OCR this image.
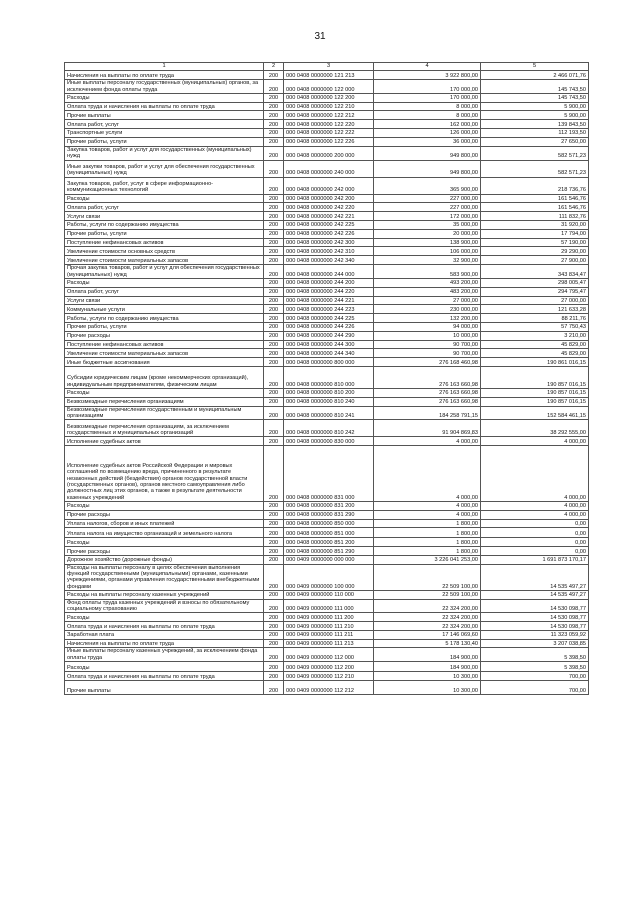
31
1	2	3	4	5
Начисления на выплаты по оплате труда	200	000 0408 0000000 121 213	3 922 800,00	2 466 071,76
Иные выплаты персоналу государственных (муниципальных) органов, за исключением фонда оплаты труда	200	000 0408 0000000 122 000	170 000,00	145 743,50
Расходы	200	000 0408 0000000 122 200	170 000,00	145 743,50
Оплата труда и начисления на выплаты по оплате труда	200	000 0408 0000000 122 210	8 000,00	5 900,00
Прочие выплаты	200	000 0408 0000000 122 212	8 000,00	5 900,00
Оплата работ, услуг	200	000 0408 0000000 122 220	162 000,00	139 843,50
Транспортные услуги	200	000 0408 0000000 122 222	126 000,00	112 193,50
Прочие работы, услуги	200	000 0408 0000000 122 226	36 000,00	27 650,00
Закупка товаров, работ и услуг для государственных (муниципальных) нужд	200	000 0408 0000000 200 000	949 800,00	582 571,23
Иные закупки товаров, работ и услуг для обеспечения государственных (муниципальных) нужд	200	000 0408 0000000 240 000	949 800,00	582 571,23
Закупка товаров, работ, услуг в сфере информационно-коммуникационных технологий	200	000 0408 0000000 242 000	365 900,00	218 736,76
Расходы	200	000 0408 0000000 242 200	227 000,00	161 546,76
Оплата работ, услуг	200	000 0408 0000000 242 220	227 000,00	161 546,76
Услуги связи	200	000 0408 0000000 242 221	172 000,00	111 832,76
Работы, услуги по содержанию имущества	200	000 0408 0000000 242 225	35 000,00	31 920,00
Прочие работы, услуги	200	000 0408 0000000 242 226	20 000,00	17 794,00
Поступление нефинансовых активов	200	000 0408 0000000 242 300	138 900,00	57 190,00
Увеличение стоимости основных средств	200	000 0408 0000000 242 310	106 000,00	29 290,00
Увеличение стоимости материальных запасов	200	000 0408 0000000 242 340	32 900,00	27 900,00
Прочая закупка товаров, работ и услуг для обеспечения государственных (муниципальных) нужд	200	000 0408 0000000 244 000	583 900,00	343 834,47
Расходы	200	000 0408 0000000 244 200	493 200,00	298 005,47
Оплата работ, услуг	200	000 0408 0000000 244 220	483 200,00	294 795,47
Услуги связи	200	000 0408 0000000 244 221	27 000,00	27 000,00
Коммунальные услуги	200	000 0408 0000000 244 223	230 000,00	121 633,28
Работы, услуги по содержанию имущества	200	000 0408 0000000 244 225	132 200,00	88 211,76
Прочие работы, услуги	200	000 0408 0000000 244 226	94 000,00	57 750,43
Прочие расходы	200	000 0408 0000000 244 290	10 000,00	3 210,00
Поступление нефинансовых активов	200	000 0408 0000000 244 300	90 700,00	45 829,00
Увеличение стоимости материальных запасов	200	000 0408 0000000 244 340	90 700,00	45 829,00
Иные бюджетные ассигнования	200	000 0408 0000000 800 000	276 168 460,98	190 861 016,15
Субсидии юридическим лицам (кроме некоммерческих организаций), индивидуальным предпринимателям, физическим лицам	200	000 0408 0000000 810 000	276 163 660,98	190 857 016,15
Расходы	200	000 0408 0000000 810 200	276 163 660,98	190 857 016,15
Безвозмездные перечисления организациям	200	000 0408 0000000 810 240	276 163 660,98	190 857 016,15
Безвозмездные перечисления государственным и муниципальным организациям	200	000 0408 0000000 810 241	184 258 791,15	152 584 461,15
Безвозмездные перечисления организациям, за исключением государственных и муниципальных организаций	200	000 0408 0000000 810 242	91 904 869,83	38 292 555,00
Исполнение судебных актов	200	000 0408 0000000 830 000	4 000,00	4 000,00
Исполнение судебных актов Российской Федерации и мировых соглашений по возмещению вреда, причиненного в результате незаконных действий (бездействия) органов государственной власти (государственных органов), органов местного самоуправления либо должностных лиц этих органов, а также в результате деятельности казенных учреждений	200	000 0408 0000000 831 000	4 000,00	4 000,00
Расходы	200	000 0408 0000000 831 200	4 000,00	4 000,00
Прочие расходы	200	000 0408 0000000 831 290	4 000,00	4 000,00
Уплата налогов, сборов и иных платежей	200	000 0408 0000000 850 000	1 800,00	0,00
Уплата налога на имущество организаций и земельного налога	200	000 0408 0000000 851 000	1 800,00	0,00
Расходы	200	000 0408 0000000 851 200	1 800,00	0,00
Прочие расходы	200	000 0408 0000000 851 290	1 800,00	0,00
Дорожное хозяйство (дорожные фонды)	200	000 0409 0000000 000 000	3 226 041 253,00	1 691 873 170,17
Расходы на выплаты персоналу в целях обеспечения выполнения функций государственными (муниципальными) органами, казенными учреждениями, органами управления государственными внебюджетными фондами	200	000 0409 0000000 100 000	22 509 100,00	14 535 497,27
Расходы на выплаты персоналу казенных учреждений	200	000 0409 0000000 110 000	22 509 100,00	14 535 497,27
Фонд оплаты труда казенных учреждений и взносы по обязательному социальному страхованию	200	000 0409 0000000 111 000	22 324 200,00	14 530 098,77
Расходы	200	000 0409 0000000 111 200	22 324 200,00	14 530 098,77
Оплата труда и начисления на выплаты по оплате труда	200	000 0409 0000000 111 210	22 324 200,00	14 530 098,77
Заработная плата	200	000 0409 0000000 111 211	17 146 069,60	11 323 059,92
Начисления на выплаты по оплате труда	200	000 0409 0000000 111 213	5 178 130,40	3 207 038,85
Иные выплаты персоналу казенных учреждений, за исключением фонда оплаты труда	200	000 0409 0000000 112 000	184 900,00	5 398,50
Расходы	200	000 0409 0000000 112 200	184 900,00	5 398,50
Оплата труда и начисления на выплаты по оплате труда	200	000 0409 0000000 112 210	10 300,00	700,00
Прочие выплаты	200	000 0409 0000000 112 212	10 300,00	700,00
